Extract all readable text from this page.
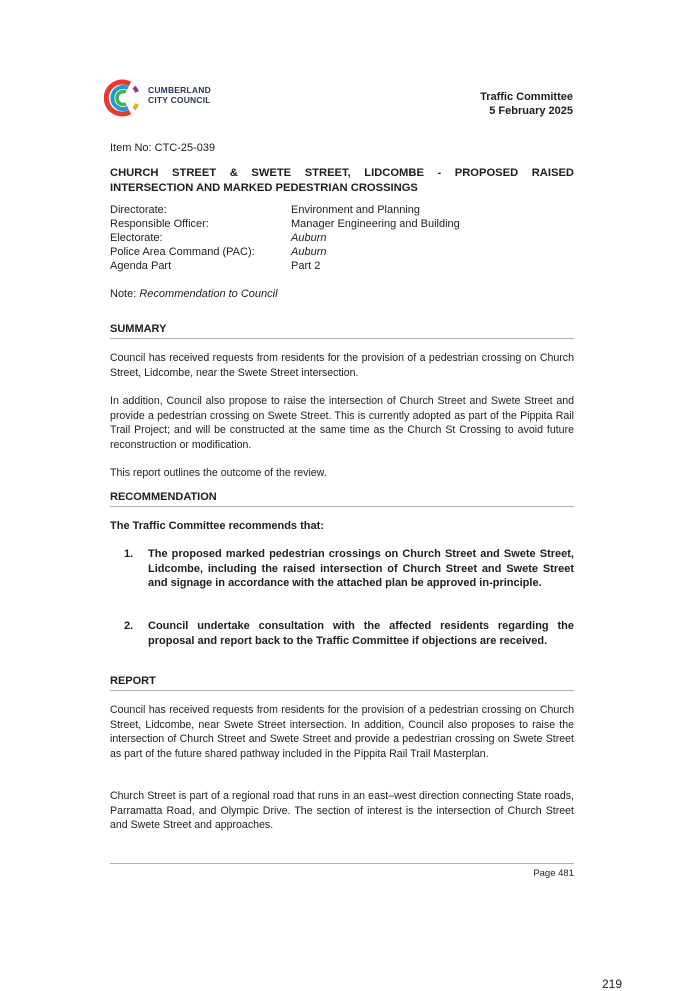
CUMBERLAND
CITY COUNCIL	Traffic Committee
5 February 2025
Item No: CTC-25-039
CHURCH STREET & SWETE STREET, LIDCOMBE - PROPOSED RAISED INTERSECTION AND MARKED PEDESTRIAN CROSSINGS
Directorate:	Environment and Planning
Responsible Officer:	Manager Engineering and Building
Electorate:	Auburn
Police Area Command (PAC):	Auburn
Agenda Part	Part 2
Note: Recommendation to Council
SUMMARY
Council has received requests from residents for the provision of a pedestrian crossing on Church Street, Lidcombe, near the Swete Street intersection.
In addition, Council also propose to raise the intersection of Church Street and Swete Street and provide a pedestrian crossing on Swete Street. This is currently adopted as part of the Pippita Rail Trail Project; and will be constructed at the same time as the Church St Crossing to avoid future reconstruction or modification.
This report outlines the outcome of the review.
RECOMMENDATION
The Traffic Committee recommends that:
1. The proposed marked pedestrian crossings on Church Street and Swete Street, Lidcombe, including the raised intersection of Church Street and Swete Street and signage in accordance with the attached plan be approved in-principle.
2. Council undertake consultation with the affected residents regarding the proposal and report back to the Traffic Committee if objections are received.
REPORT
Council has received requests from residents for the provision of a pedestrian crossing on Church Street, Lidcombe, near Swete Street intersection. In addition, Council also proposes to raise the intersection of Church Street and Swete Street and provide a pedestrian crossing on Swete Street as part of the future shared pathway included in the Pippita Rail Trail Masterplan.
Church Street is part of a regional road that runs in an east–west direction connecting State roads, Parramatta Road, and Olympic Drive. The section of interest is the intersection of Church Street and Swete Street and approaches.
Page 481
219
